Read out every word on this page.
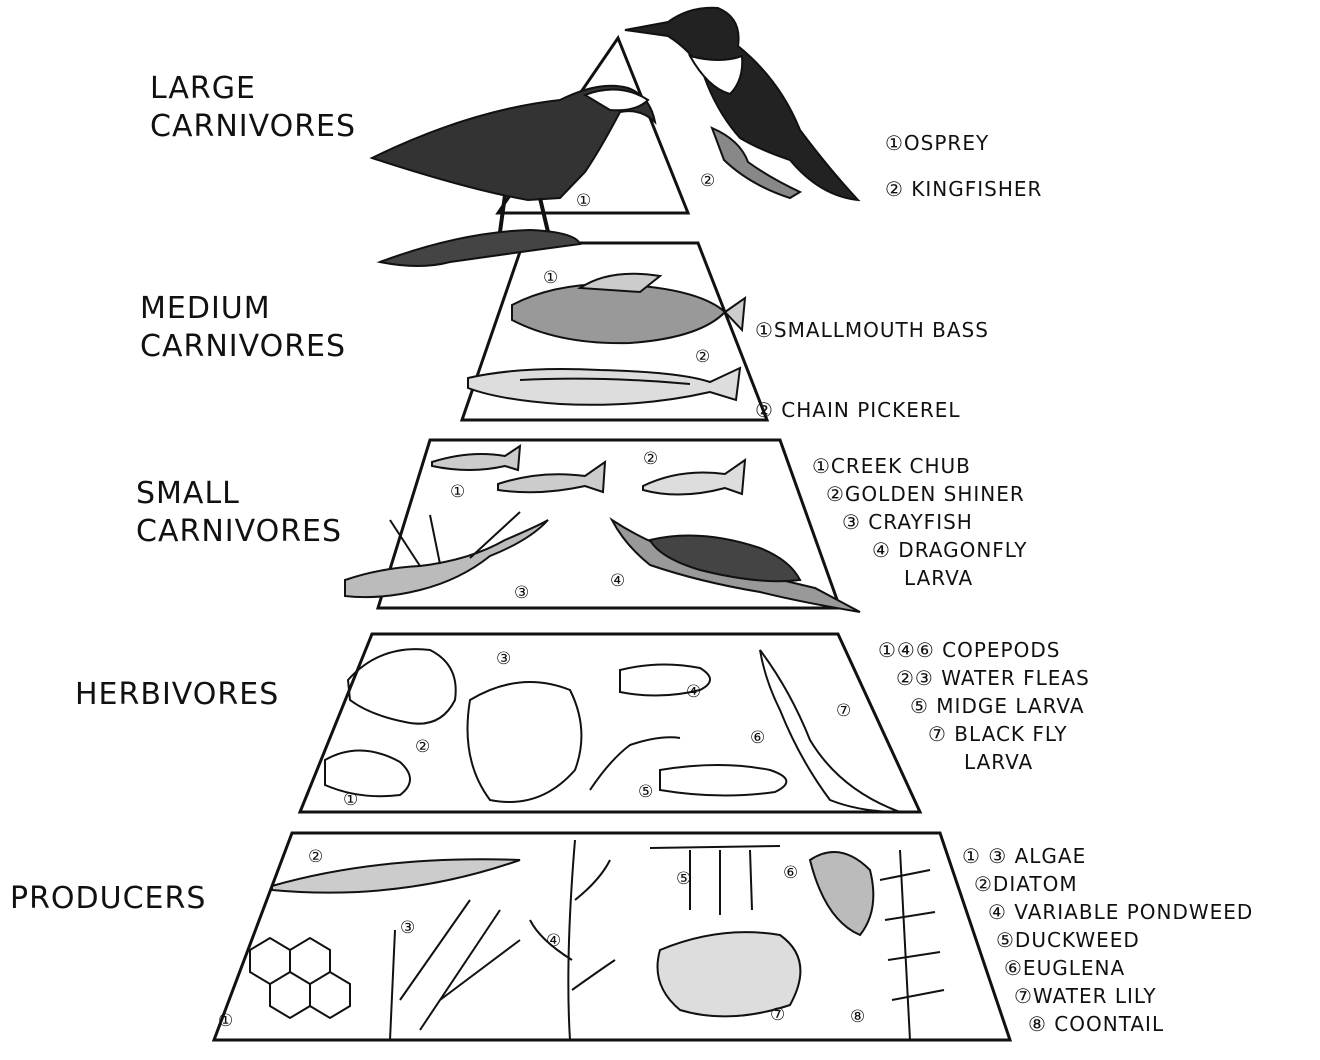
①
②
①
②
①
②
③
④
①
②
③
④
⑤
⑥
⑦
①
②
③
④
⑤	⑥
⑦	⑧
LARGE
CARNIVORES
MEDIUM
CARNIVORES
SMALL
CARNIVORES
HERBIVORES
PRODUCERS
①OSPREY
② KINGFISHER
①SMALLMOUTH BASS
② CHAIN PICKEREL
①CREEK CHUB
②GOLDEN SHINER
③ CRAYFISH
④ DRAGONFLY
LARVA
①④⑥ COPEPODS
②③ WATER FLEAS
⑤ MIDGE LARVA
⑦ BLACK FLY
LARVA
① ③ ALGAE
②DIATOM
④ VARIABLE PONDWEED
⑤DUCKWEED
⑥EUGLENA
⑦WATER LILY
⑧ COONTAIL
